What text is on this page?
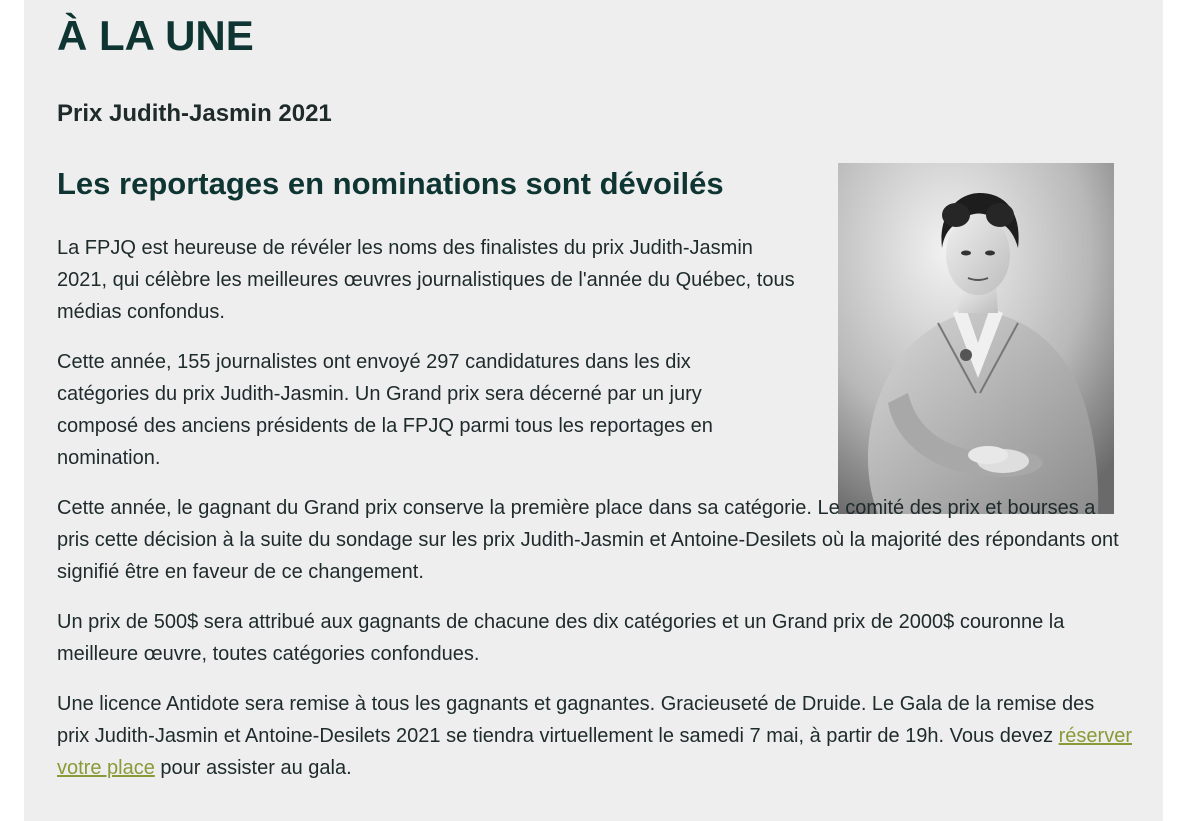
À LA UNE
Prix Judith-Jasmin 2021
Les reportages en nominations sont dévoilés

La FPJQ est heureuse de révéler les noms des finalistes du prix Judith-Jasmin 2021, qui célèbre les meilleures œuvres journalistiques de l'année du Québec, tous médias confondus.

Cette année, 155 journalistes ont envoyé 297 candidatures dans les dix catégories du prix Judith-Jasmin. Un Grand prix sera décerné par un jury composé des anciens présidents de la FPJQ parmi tous les reportages en nomination.

Cette année, le gagnant du Grand prix conserve la première place dans sa catégorie. Le comité des prix et bourses a pris cette décision à la suite du sondage sur les prix Judith-Jasmin et Antoine-Desilets où la majorité des répondants ont signifié être en faveur de ce changement.

Un prix de 500$ sera attribué aux gagnants de chacune des dix catégories et un Grand prix de 2000$ couronne la meilleure œuvre, toutes catégories confondues.

Une licence Antidote sera remise à tous les gagnants et gagnantes. Gracieuseté de Druide. Le Gala de la remise des prix Judith-Jasmin et Antoine-Desilets 2021 se tiendra virtuellement le samedi 7 mai, à partir de 19h. Vous devez réserver votre place pour assister au gala.
